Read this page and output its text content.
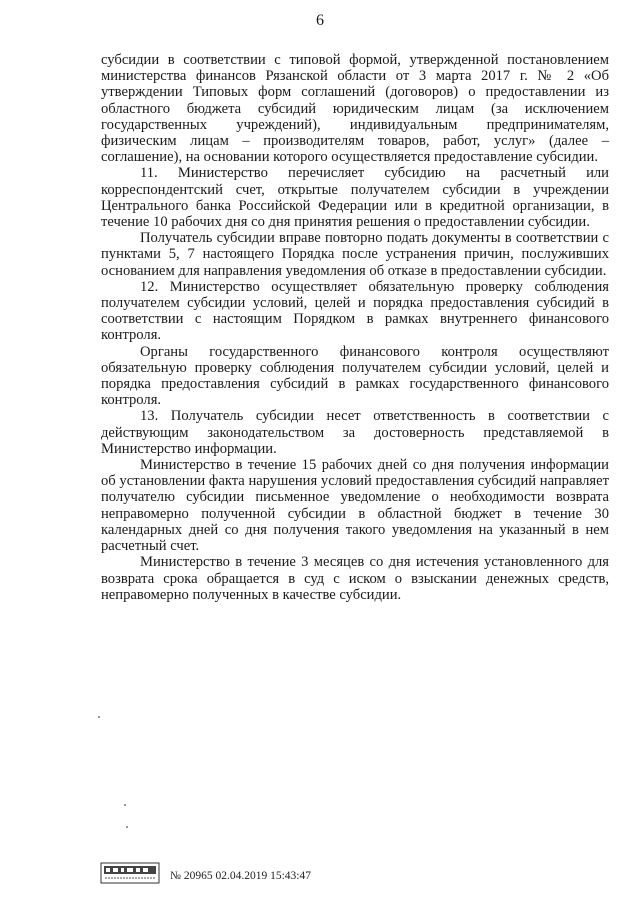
6

субсидии в соответствии с типовой формой, утвержденной постановлением министерства финансов Рязанской области от 3 марта 2017 г. № 2 «Об утверждении Типовых форм соглашений (договоров) о предоставлении из областного бюджета субсидий юридическим лицам (за исключением государственных учреждений), индивидуальным предпринимателям, физическим лицам – производителям товаров, работ, услуг» (далее – соглашение), на основании которого осуществляется предоставление субсидии.

11. Министерство перечисляет субсидию на расчетный или корреспондентский счет, открытые получателем субсидии в учреждении Центрального банка Российской Федерации или в кредитной организации, в течение 10 рабочих дня со дня принятия решения о предоставлении субсидии.

Получатель субсидии вправе повторно подать документы в соответствии с пунктами 5, 7 настоящего Порядка после устранения причин, послуживших основанием для направления уведомления об отказе в предоставлении субсидии.

12. Министерство осуществляет обязательную проверку соблюдения получателем субсидии условий, целей и порядка предоставления субсидий в соответствии с настоящим Порядком в рамках внутреннего финансового контроля.

Органы государственного финансового контроля осуществляют обязательную проверку соблюдения получателем субсидии условий, целей и порядка предоставления субсидий в рамках государственного финансового контроля.

13. Получатель субсидии несет ответственность в соответствии с действующим законодательством за достоверность представляемой в Министерство информации.

Министерство в течение 15 рабочих дней со дня получения информации об установлении факта нарушения условий предоставления субсидий направляет получателю субсидии письменное уведомление о необходимости возврата неправомерно полученной субсидии в областной бюджет в течение 30 календарных дней со дня получения такого уведомления на указанный в нем расчетный счет.

Министерство в течение 3 месяцев со дня истечения установленного для возврата срока обращается в суд с иском о взыскании денежных средств, неправомерно полученных в качестве субсидии.

№ 20965 02.04.2019 15:43:47
